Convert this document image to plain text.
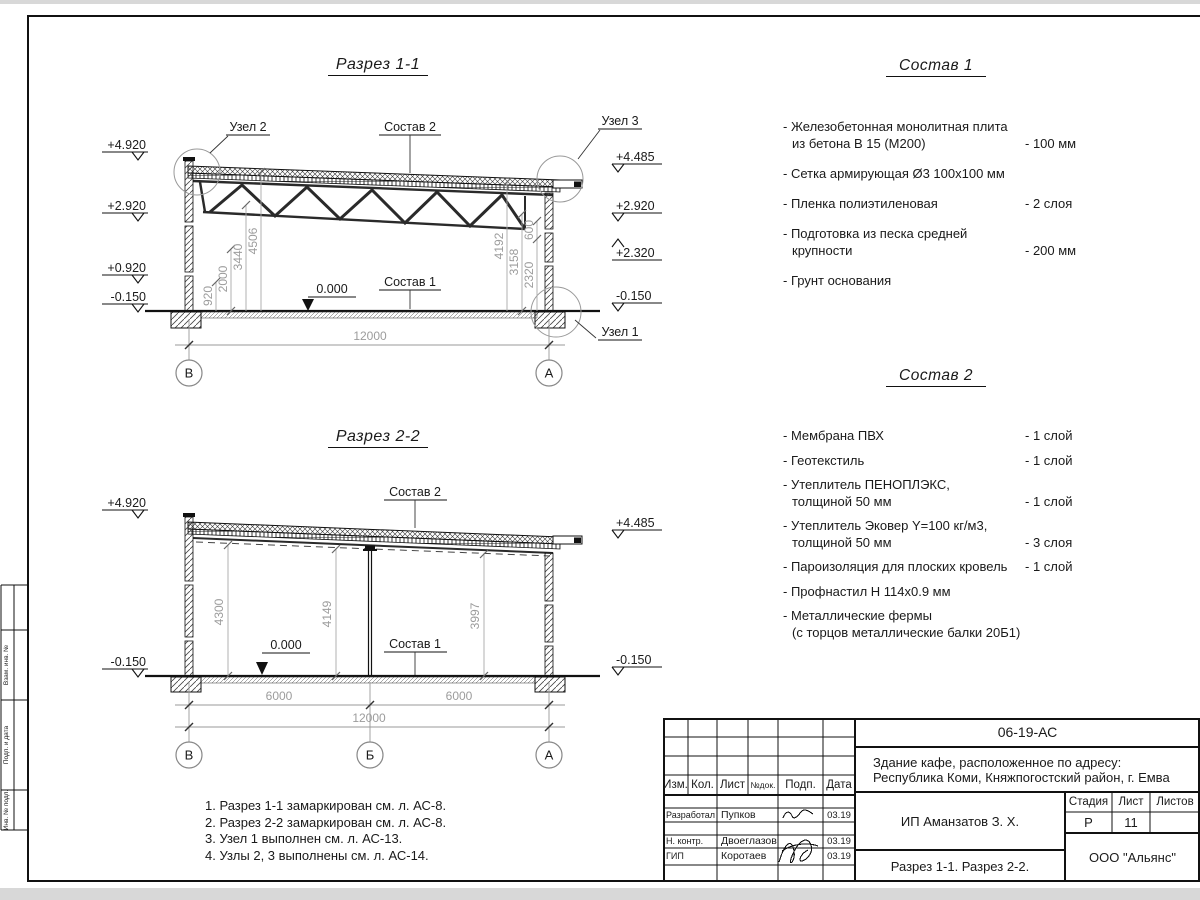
Взам. инв. №
Подп. и дата
Инв. № подл.
Разрез 1-1
Узел 2	Узел 3
Узел 1
Состав 2
Состав 1
0.000
+4.920
+2.920
+0.920
-0.150
+4.485
+2.920
+2.320
-0.150
920
2000
3440
4506	4192
3158 2320
600
12000
В	А
Разрез 2-2
Состав 2
Состав 1
0.000
+4.920
-0.150
+4.485
-0.150
4300	4149	3997
6000	6000
12000
В	Б	А
Состав 1
- Железобетонная монолитная плита
из бетона В 15 (М200)	- 100 мм
- Сетка армирующая Ø3 100х100 мм
- Пленка полиэтиленовая	- 2 слоя
- Подготовка из песка средней
крупности	- 200 мм
- Грунт основания
Состав 2
- Мембрана ПВХ	- 1 слой
- Геотекстиль	- 1 слой
- Утеплитель ПЕНОПЛЭКС,
толщиной 50 мм	- 1 слой
- Утеплитель Эковер Y=100 кг/м3,
толщиной 50 мм	- 3 слоя
- Пароизоляция для плоских кровель	- 1 слой
- Профнастил Н 114х0.9 мм
- Металлические фермы
(с торцов металлические балки 20Б1)
1. Разрез 1-1 замаркирован см. л. АС-8.
2. Разрез 2-2 замаркирован см. л. АС-8.
3. Узел 1 выполнен см. л. АС-13.
4. Узлы 2, 3 выполнены см. л. АС-14.
Изм. Кол. Лист №док. Подп. Дата
Разработал Пупков	03.19
Н. контр.	Двоеглазов	03.19
ГИП	Коротаев	03.19
06-19-АС
Здание кафе, расположенное по адресу:
Республика Коми, Княжпогостский район, г. Емва
ИП Аманзатов З. Х.
Стадия Лист	Листов
Р	11
Разрез 1-1. Разрез 2-2.
ООО "Альянс"
